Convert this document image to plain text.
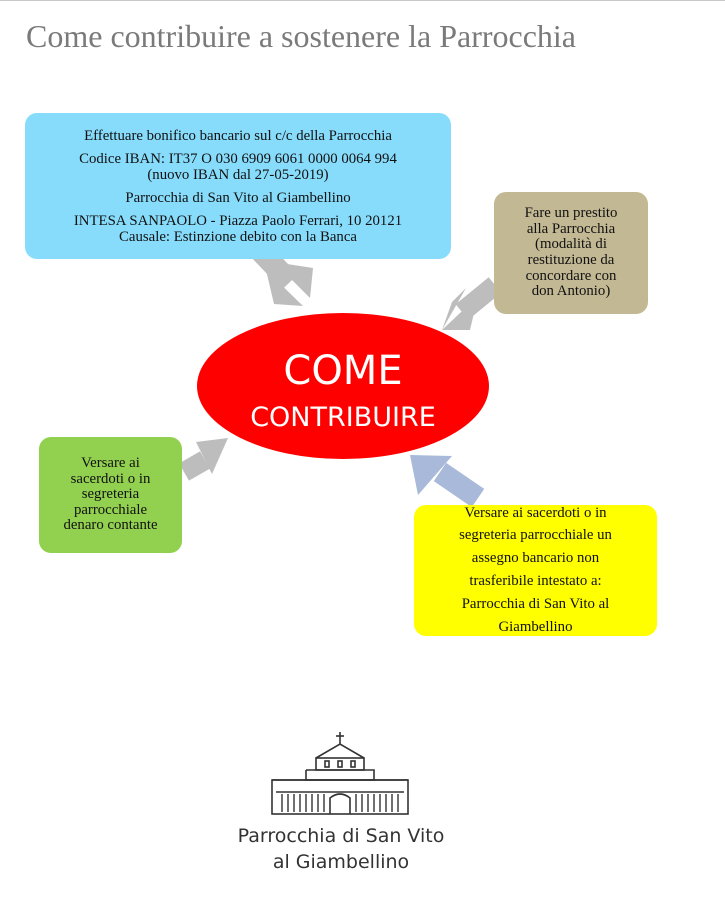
Come contribuire a sostenere la Parrocchia
COME
CONTRIBUIRE

Effettuare bonifico bancario sul c/c della Parrocchia

Codice IBAN: IT37 O 030 6909 6061 0000 0064 994

(nuovo IBAN dal 27-05-2019)

Parrocchia di San Vito al Giambellino

INTESA SANPAOLO - Piazza Paolo Ferrari, 10 20121

Causale: Estinzione debito con la Banca

Fare un prestito

alla Parrocchia

(modalità di

restituzione da

concordare con

don Antonio)

Versare ai

sacerdoti o in

segreteria

parrocchiale

denaro contante

Versare ai sacerdoti o in

segreteria parrocchiale un

assegno bancario non

trasferibile intestato a:

Parrocchia di San Vito al

Giambellino

Parrocchia di San Vito
al Giambellino
